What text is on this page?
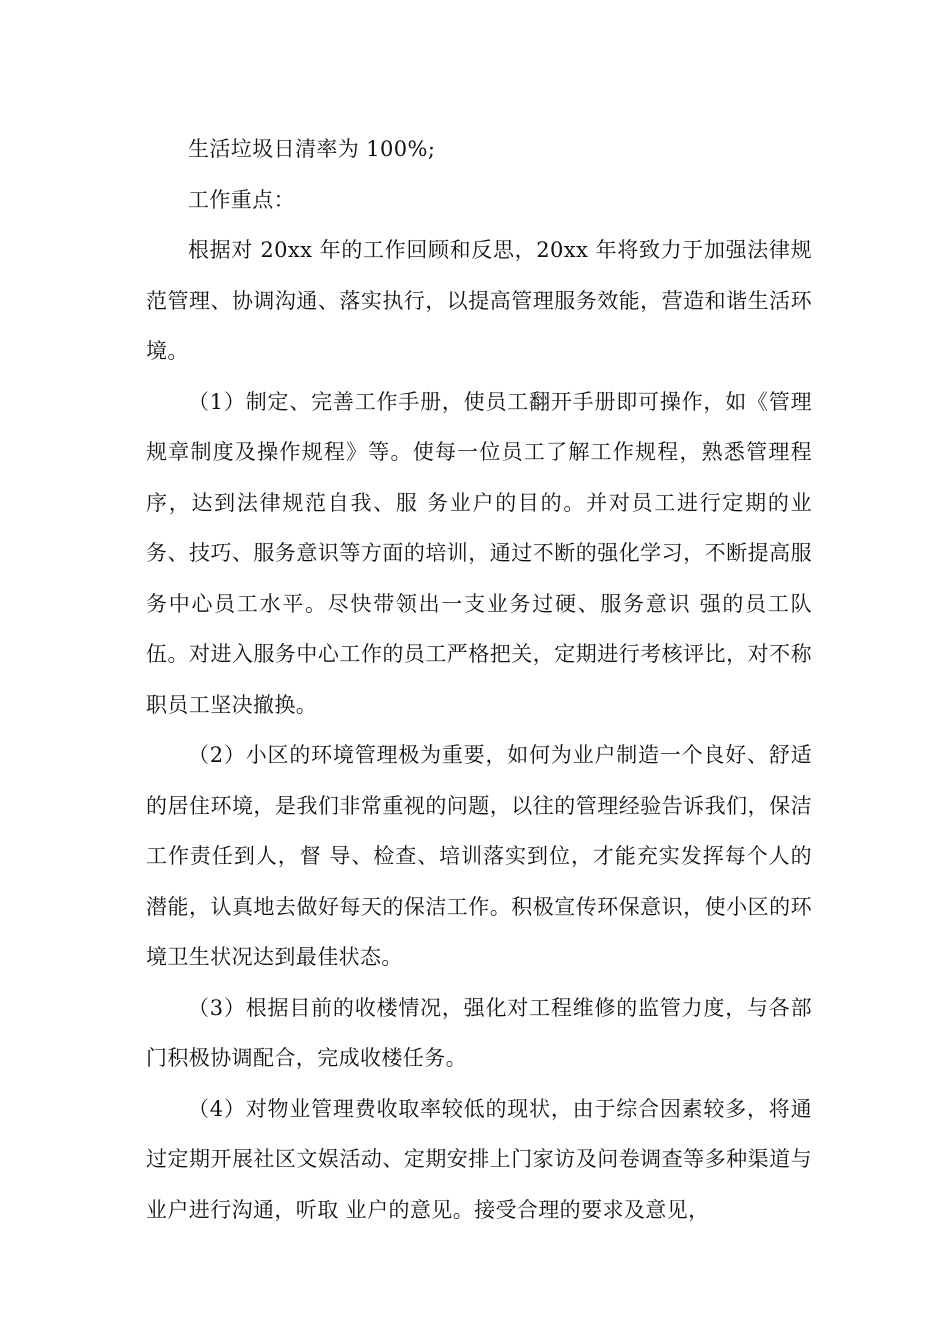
生活垃圾日清率为 100%;

工作重点：

根据对 20xx 年的工作回顾和反思，20xx 年将致力于加强法律规范管理、协调沟通、落实执行，以提高管理服务效能，营造和谐生活环境。

（1）制定、完善工作手册，使员工翻开手册即可操作，如《管理规章制度及操作规程》等。使每一位员工了解工作规程，熟悉管理程序，达到法律规范自我、服 务业户的目的。并对员工进行定期的业务、技巧、服务意识等方面的培训，通过不断的强化学习，不断提高服务中心员工水平。尽快带领出一支业务过硬、服务意识 强的员工队伍。对进入服务中心工作的员工严格把关，定期进行考核评比，对不称职员工坚决撤换。

（2）小区的环境管理极为重要，如何为业户制造一个良好、舒适的居住环境，是我们非常重视的问题，以往的管理经验告诉我们，保洁工作责任到人，督 导、检查、培训落实到位，才能充实发挥每个人的潜能，认真地去做好每天的保洁工作。积极宣传环保意识，使小区的环境卫生状况达到最佳状态。

（3）根据目前的收楼情况，强化对工程维修的监管力度，与各部门积极协调配合，完成收楼任务。

（4）对物业管理费收取率较低的现状，由于综合因素较多，将通过定期开展社区文娱活动、定期安排上门家访及问卷调查等多种渠道与业户进行沟通，听取 业户的意见。接受合理的要求及意见，
